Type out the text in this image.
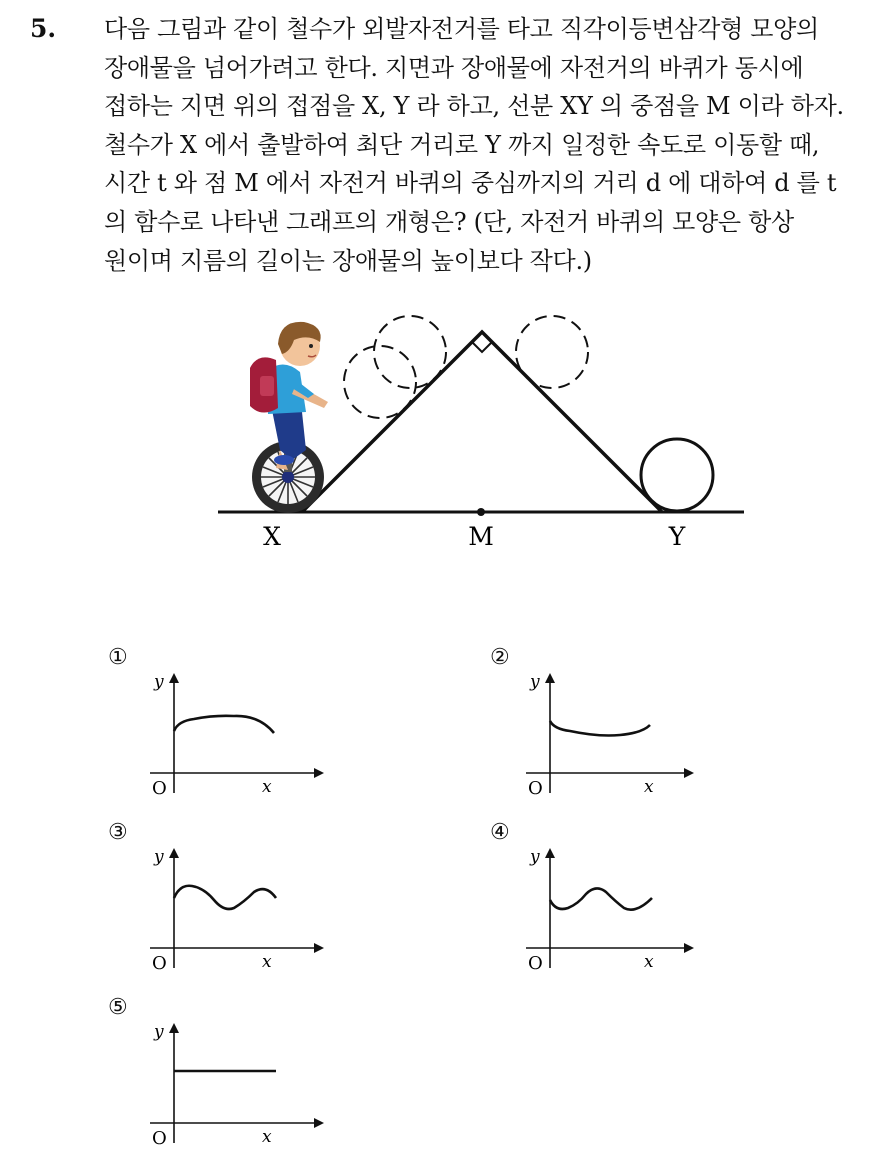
5. 다음 그림과 같이 철수가 외발자전거를 타고 직각이등변삼각형 모양의
장애물을 넘어가려고 한다. 지면과 장애물에 자전거의 바퀴가 동시에
접하는 지면 위의 접점을 X, Y 라 하고, 선분 XY 의 중점을 M 이라 하자.
철수가 X 에서 출발하여 최단 거리로 Y 까지 일정한 속도로 이동할 때,
시간 t 와 점 M 에서 자전거 바퀴의 중심까지의 거리 d 에 대하여 d 를 t
의 함수로 나타낸 그래프의 개형은? (단, 자전거 바퀴의 모양은 항상
원이며 지름의 길이는 장애물의 높이보다 작다.)
X	M	Y
①
y
x
O
②
y
x
O
③
y
x
O
④
y
x
O
⑤
y
x
O
